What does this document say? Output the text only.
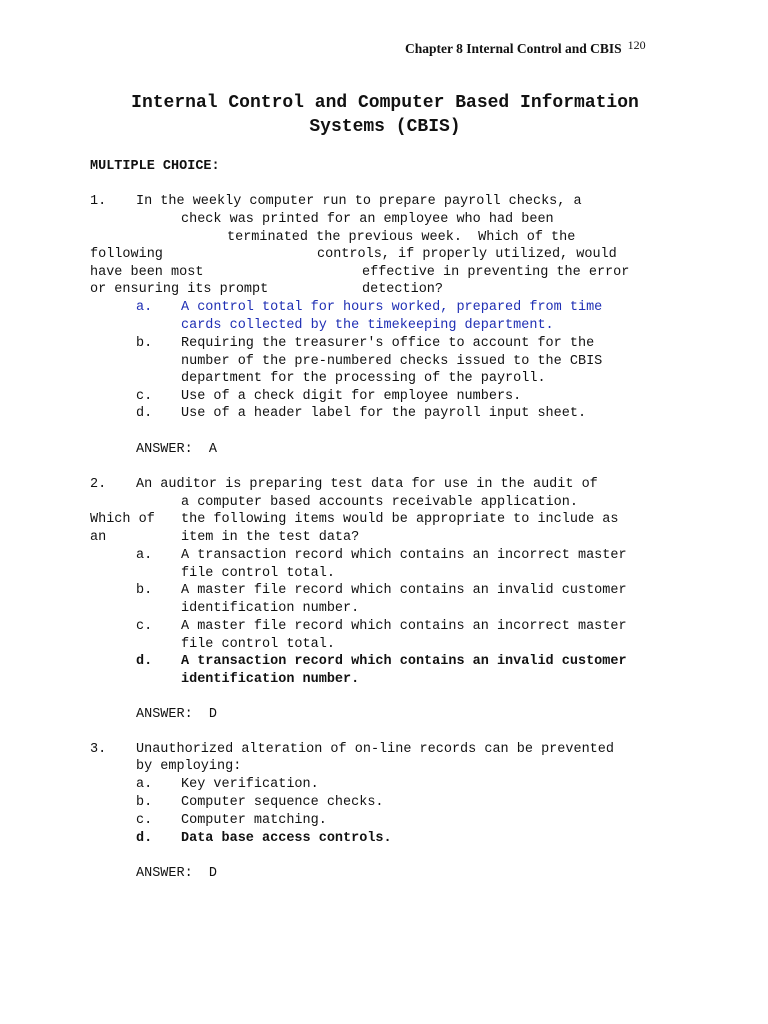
Chapter 8 Internal Control and CBIS 120
Internal Control and Computer Based Information
Systems (CBIS)
MULTIPLE CHOICE:
1. In the weekly computer run to prepare payroll checks, a
check was printed for an employee who had been
terminated the previous week.  Which of the
following	controls, if properly utilized, would
have been most	effective in preventing the error
or ensuring its prompt	detection?
a. A control total for hours worked, prepared from time
cards collected by the timekeeping department.
b. Requiring the treasurer's office to account for the
number of the pre-numbered checks issued to the CBIS
department for the processing of the payroll.
c. Use of a check digit for employee numbers.
d. Use of a header label for the payroll input sheet.
ANSWER:  A
2. An auditor is preparing test data for use in the audit of
a computer based accounts receivable application.
Which of the following items would be appropriate to include as
an	item in the test data?
a. A transaction record which contains an incorrect master
file control total.
b. A master file record which contains an invalid customer
identification number.
c. A master file record which contains an incorrect master
file control total.
d. A transaction record which contains an invalid customer
identification number.
ANSWER:  D
3. Unauthorized alteration of on-line records can be prevented
by employing:
a. Key verification.
b. Computer sequence checks.
c. Computer matching.
d. Data base access controls.
ANSWER:  D
